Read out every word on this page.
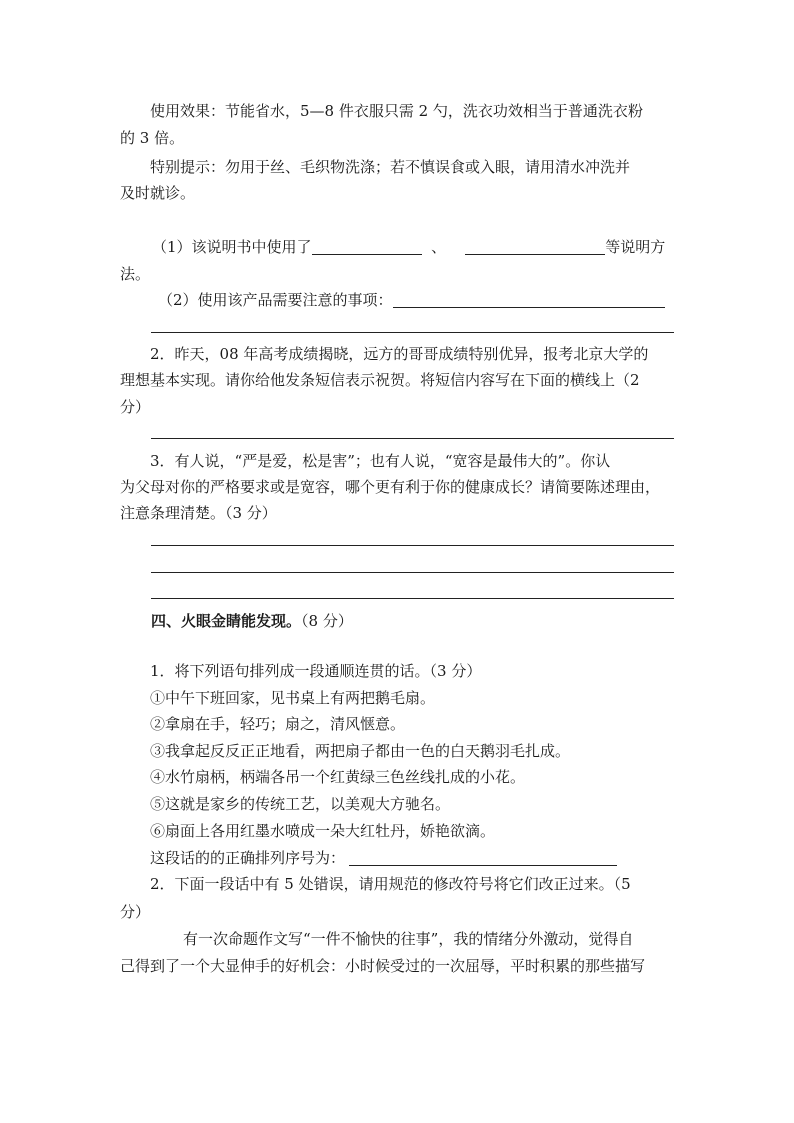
使用效果：节能省水，5—8 件衣服只需 2 勺，洗衣功效相当于普通洗衣粉
的 3 倍。
特别提示：勿用于丝、毛织物洗涤；若不慎误食或入眼，请用清水冲洗并
及时就诊。
（1）该说明书中使用了	、	等说明方
法。
（2）使用该产品需要注意的事项：
2．昨天，08 年高考成绩揭晓，远方的哥哥成绩特别优异，报考北京大学的
理想基本实现。请你给他发条短信表示祝贺。将短信内容写在下面的横线上（2
分）
3．有人说，“严是爱，松是害”；也有人说，“宽容是最伟大的”。你认
为父母对你的严格要求或是宽容，哪个更有利于你的健康成长？请简要陈述理由，
注意条理清楚。（3 分）
四、火眼金睛能发现。（8 分）
1．将下列语句排列成一段通顺连贯的话。（3 分）
①中午下班回家，见书桌上有两把鹅毛扇。
②拿扇在手，轻巧；扇之，清风惬意。
③我拿起反反正正地看，两把扇子都由一色的白天鹅羽毛扎成。
④水竹扇柄，柄端各吊一个红黄绿三色丝线扎成的小花。
⑤这就是家乡的传统工艺，以美观大方驰名。
⑥扇面上各用红墨水喷成一朵大红牡丹，娇艳欲滴。
这段话的的正确排列序号为：
2．下面一段话中有 5 处错误，请用规范的修改符号将它们改正过来。（5
分）
有一次命题作文写“一件不愉快的往事”，我的情绪分外激动，觉得自
己得到了一个大显伸手的好机会：小时候受过的一次屈辱，平时积累的那些描写
